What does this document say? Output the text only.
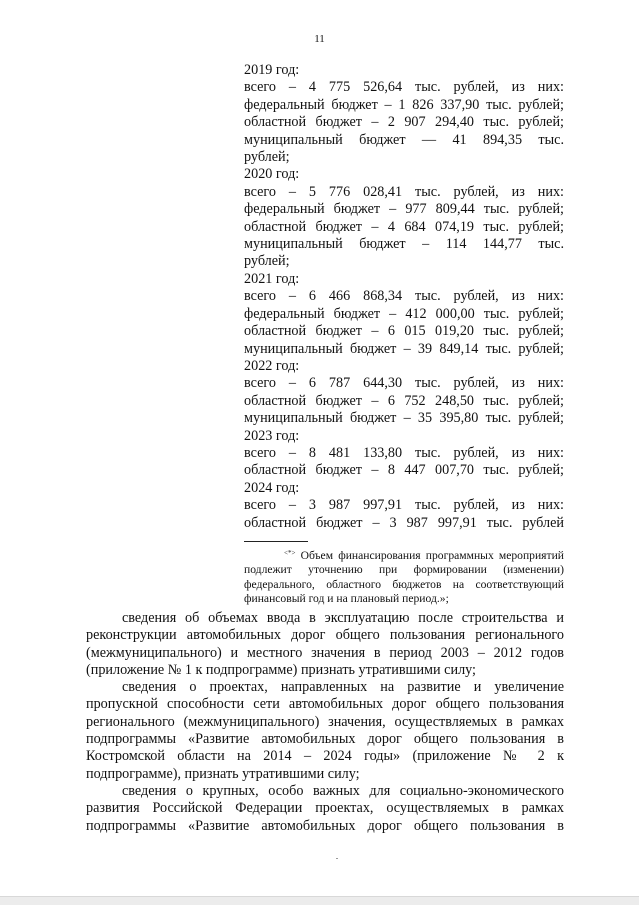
11
2019 год:
всего – 4 775 526,64 тыс. рублей, из них:
федеральный бюджет – 1 826 337,90 тыс. рублей;
областной бюджет – 2 907 294,40 тыс. рублей;
муниципальный бюджет — 41 894,35 тыс.
рублей;
2020 год:
всего – 5 776 028,41 тыс. рублей, из них:
федеральный бюджет – 977 809,44 тыс. рублей;
областной бюджет – 4 684 074,19 тыс. рублей;
муниципальный бюджет – 114 144,77 тыс.
рублей;
2021 год:
всего – 6 466 868,34 тыс. рублей, из них:
федеральный бюджет – 412 000,00 тыс. рублей;
областной бюджет – 6 015 019,20 тыс. рублей;
муниципальный бюджет – 39 849,14 тыс. рублей;
2022 год:
всего – 6 787 644,30 тыс. рублей, из них:
областной бюджет – 6 752 248,50 тыс. рублей;
муниципальный бюджет – 35 395,80 тыс. рублей;
2023 год:
всего – 8 481 133,80 тыс. рублей, из них:
областной бюджет – 8 447 007,70 тыс. рублей;
2024 год:
всего – 3 987 997,91 тыс. рублей, из них:
областной бюджет – 3 987 997,91 тыс. рублей
<*> Объем финансирования программных мероприятий подлежит уточнению при формировании (изменении) федерального, областного бюджетов на соответствующий финансовый год и на плановый период.»;

сведения об объемах ввода в эксплуатацию после строительства и реконструкции автомобильных дорог общего пользования регионального (межмуниципального) и местного значения в период 2003 – 2012 годов (приложение № 1 к подпрограмме) признать утратившими силу;

сведения о проектах, направленных на развитие и увеличение пропускной способности сети автомобильных дорог общего пользования регионального (межмуниципального) значения, осуществляемых в рамках подпрограммы «Развитие автомобильных дорог общего пользования в Костромской области на 2014 – 2024 годы» (приложение № 2 к подпрограмме), признать утратившими силу;

сведения о крупных, особо важных для социально-экономического развития Российской Федерации проектах, осуществляемых в рамках подпрограммы «Развитие автомобильных дорог общего пользования в
